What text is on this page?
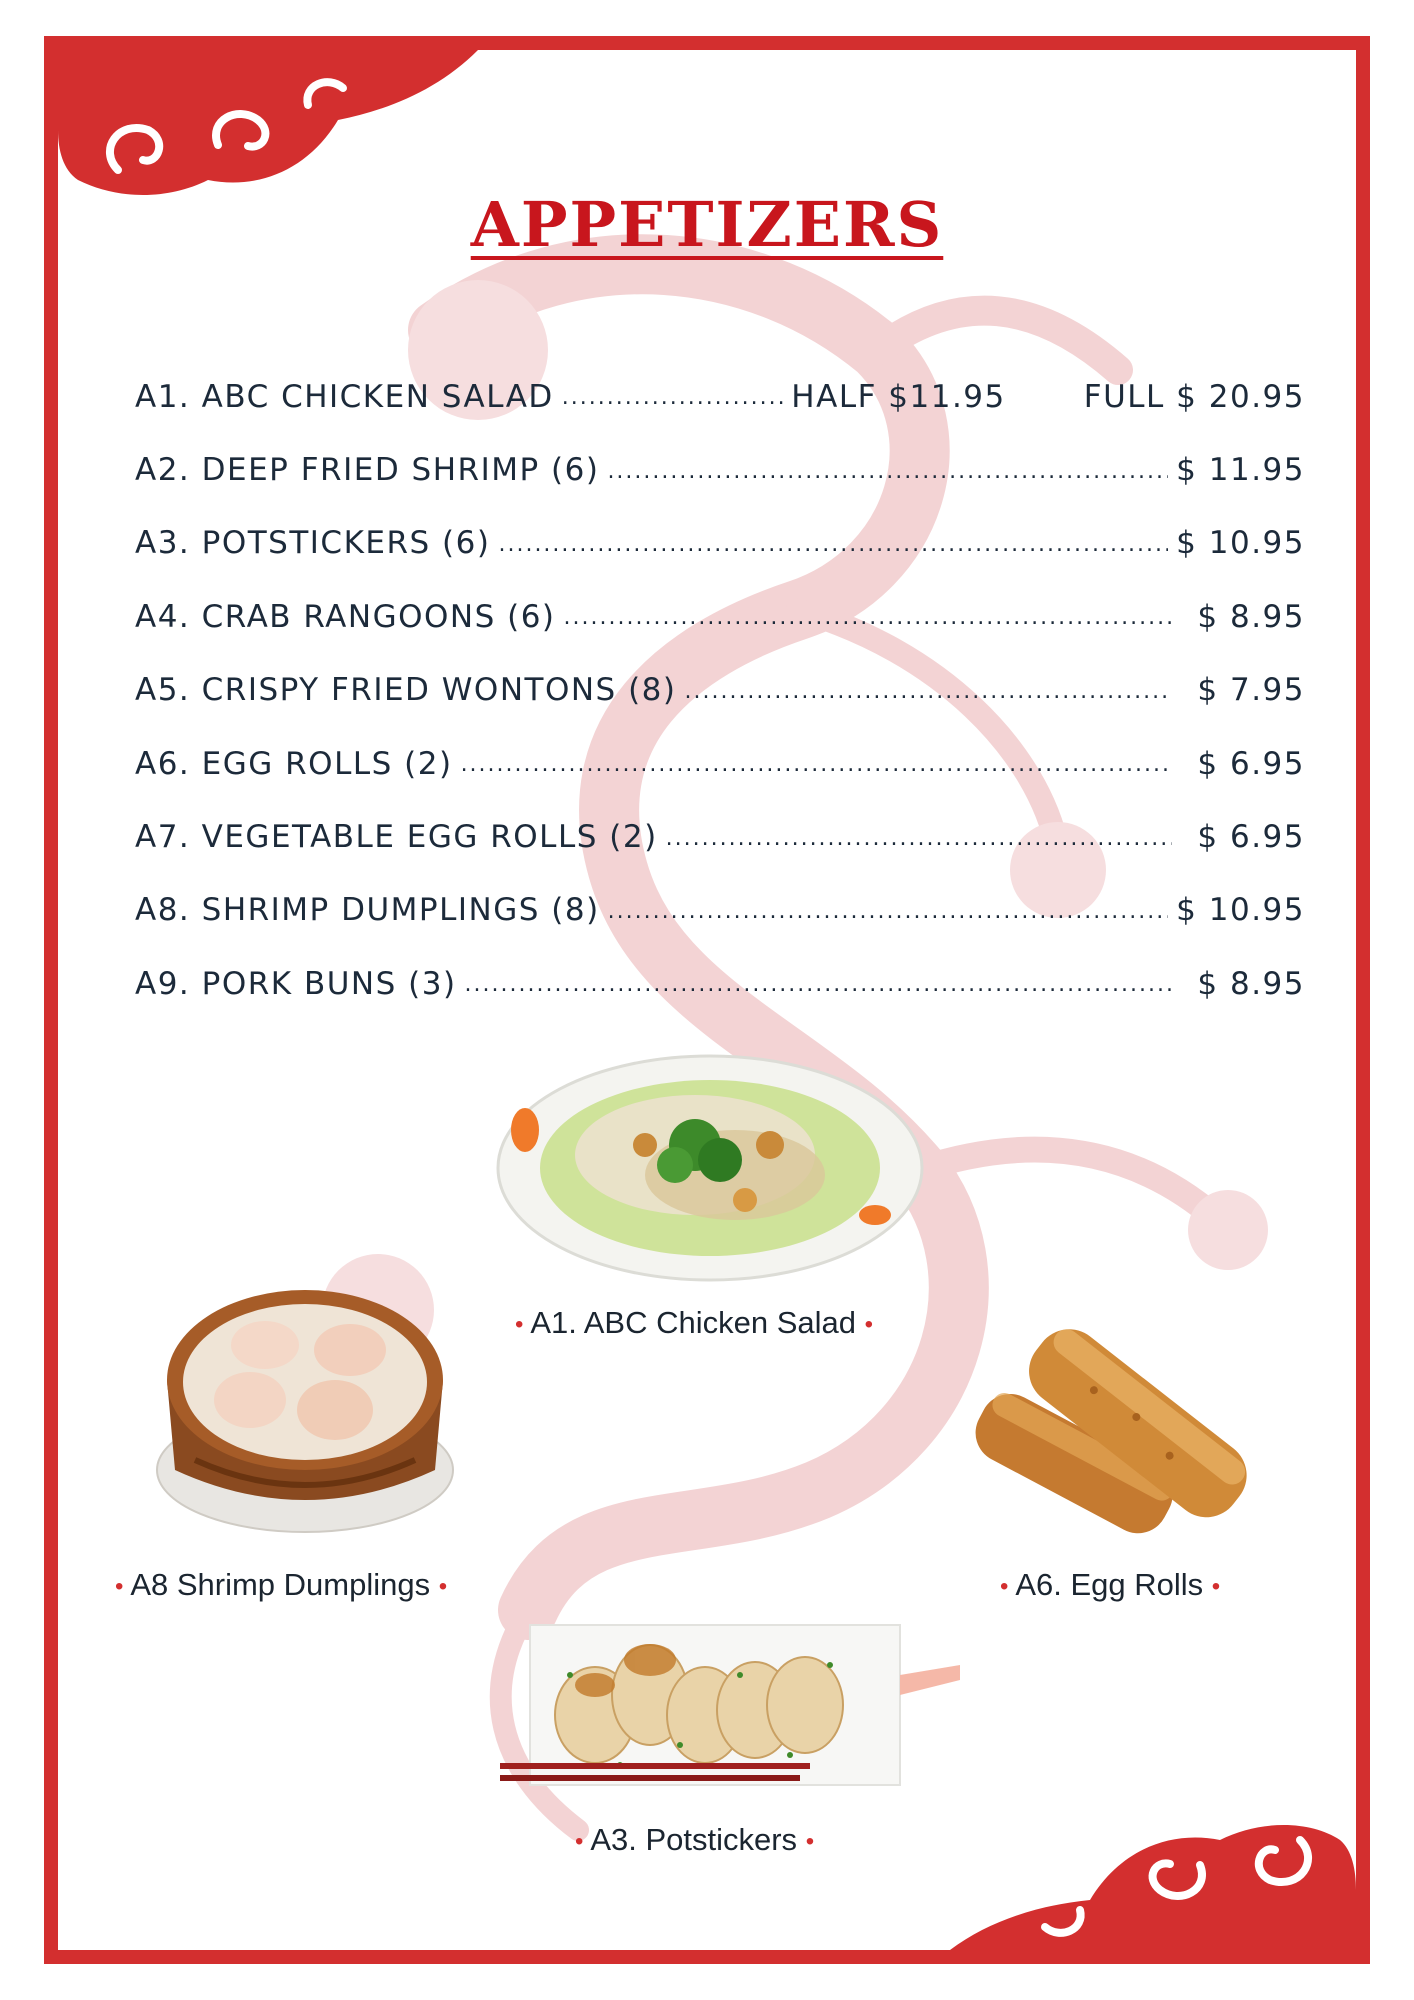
APPETIZERS
A1. ABC CHICKEN SALAD .....	HALF $11.95	FULL $ 20.95
A2. DEEP FRIED SHRIMP (6) .....	$ 11.95
A3. POTSTICKERS (6) .....	$ 10.95
A4. CRAB RANGOONS (6) .....	$ 8.95
A5. CRISPY FRIED WONTONS (8) .....	$ 7.95
A6. EGG ROLLS (2) .....	$ 6.95
A7. VEGETABLE EGG ROLLS (2) .....	$ 6.95
A8. SHRIMP DUMPLINGS (8) .....	$ 10.95
A9. PORK BUNS (3) .....	$ 8.95
• A1. ABC Chicken Salad •
• A8 Shrimp Dumplings •	• A6. Egg Rolls •
• A3. Potstickers •
